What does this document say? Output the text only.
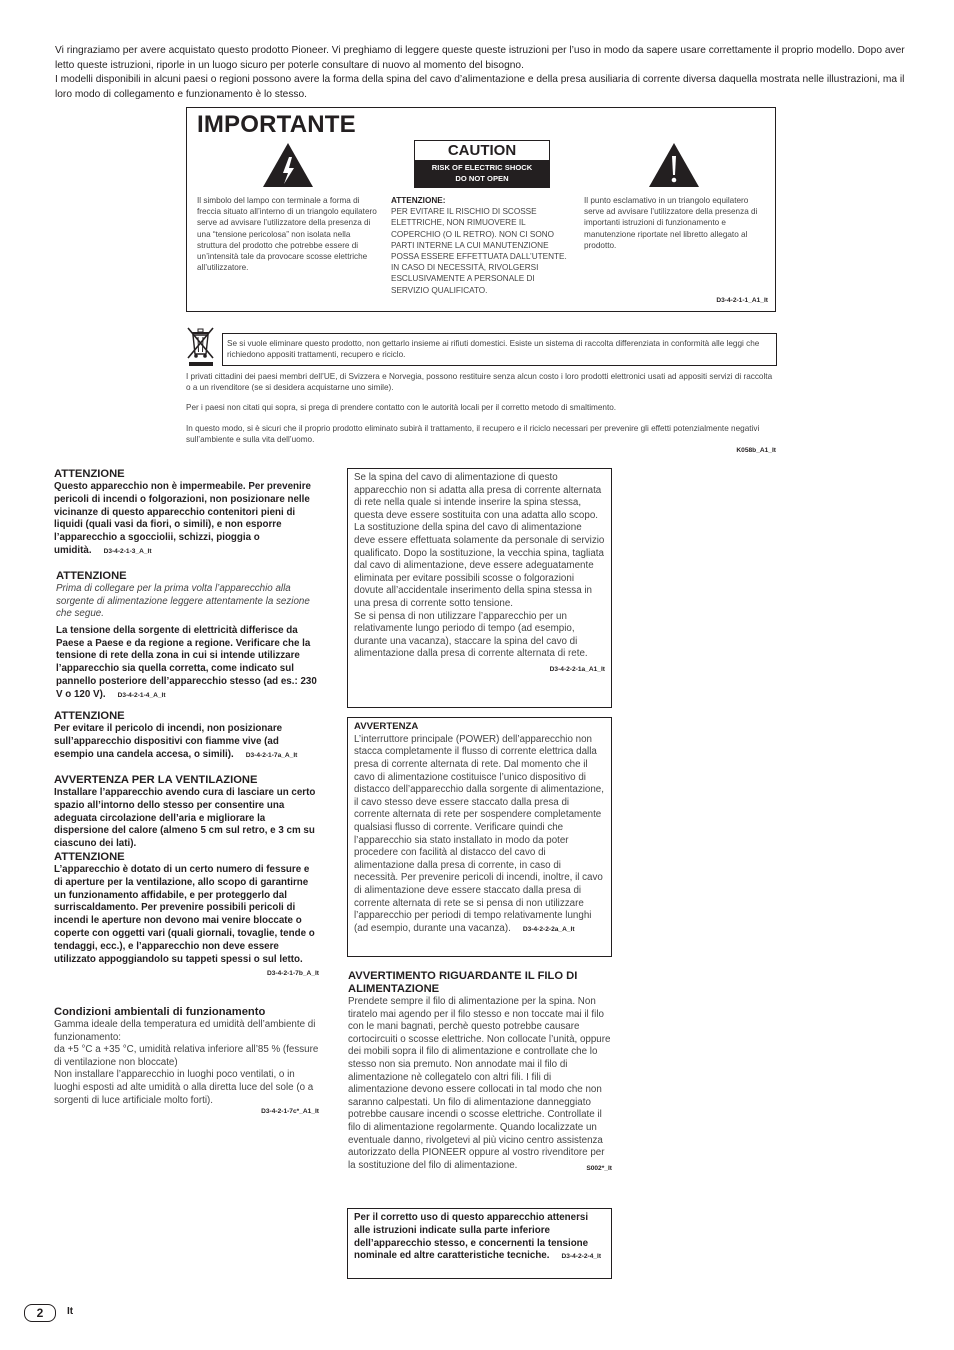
Vi ringraziamo per avere acquistato questo prodotto Pioneer. Vi preghiamo di leggere queste queste istruzioni per l’uso in modo da sapere usare correttamente il proprio modello. Dopo aver letto queste istruzioni, riporle in un luogo sicuro per poterle consultare di nuovo al momento del bisogno.

I modelli disponibili in alcuni paesi o regioni possono avere la forma della spina del cavo d’alimentazione e della presa ausiliaria di corrente diversa daquella mostrata nelle illustrazioni, ma il loro modo di collegamento e funzionamento è lo stesso.

IMPORTANTE
CAUTION
RISK OF ELECTRIC SHOCK
DO NOT OPEN
Il simbolo del lampo con terminale a forma di freccia situato all’interno di un triangolo equilatero serve ad avvisare l’utilizzatore della presenza di una “tensione pericolosa” non isolata nella struttura del prodotto che potrebbe essere di un’intensità tale da provocare scosse elettriche all’utilizzatore.
ATTENZIONE:
PER EVITARE IL RISCHIO DI SCOSSE ELETTRICHE, NON RIMUOVERE IL COPERCHIO (O IL RETRO). NON CI SONO PARTI INTERNE LA CUI MANUTENZIONE POSSA ESSERE EFFETTUATA DALL’UTENTE. IN CASO DI NECESSITÀ, RIVOLGERSI ESCLUSIVAMENTE A PERSONALE DI SERVIZIO QUALIFICATO.
Il punto esclamativo in un triangolo equilatero serve ad avvisare l’utilizzatore della presenza di importanti istruzioni di funzionamento e manutenzione riportate nel libretto allegato al prodotto.
D3-4-2-1-1_A1_It
Se si vuole eliminare questo prodotto, non gettarlo insieme ai rifiuti domestici. Esiste un sistema di raccolta differenziata in conformità alle leggi che richiedono appositi trattamenti, recupero e riciclo.
I privati cittadini dei paesi membri dell’UE, di Svizzera e Norvegia, possono restituire senza alcun costo i loro prodotti elettronici usati ad appositi servizi di raccolta o a un rivenditore (se si desidera acquistarne uno simile).
Per i paesi non citati qui sopra, si prega di prendere contatto con le autorità locali per il corretto metodo di smaltimento.
In questo modo, si è sicuri che il proprio prodotto eliminato subirà il trattamento, il recupero e il riciclo necessari per prevenire gli effetti potenzialmente negativi sull’ambiente e sulla vita dell’uomo.
K058b_A1_It

ATTENZIONE

Questo apparecchio non è impermeabile. Per prevenire pericoli di incendi o folgorazioni, non posizionare nelle vicinanze di questo apparecchio contenitori pieni di liquidi (quali vasi da fiori, o simili), e non esporre l’apparecchio a sgocciolii, schizzi, pioggia o umidità. D3-4-2-1-3_A_It

ATTENZIONE

Prima di collegare per la prima volta l’apparecchio alla sorgente di alimentazione leggere attentamente la sezione che segue.

La tensione della sorgente di elettricità differisce da Paese a Paese e da regione a regione. Verificare che la tensione di rete della zona in cui si intende utilizzare l’apparecchio sia quella corretta, come indicato sul pannello posteriore dell’apparecchio stesso (ad es.: 230 V o 120 V). D3-4-2-1-4_A_It

ATTENZIONE

Per evitare il pericolo di incendi, non posizionare sull’apparecchio dispositivi con fiamme vive (ad esempio una candela accesa, o simili). D3-4-2-1-7a_A_It

AVVERTENZA PER LA VENTILAZIONE

Installare l’apparecchio avendo cura di lasciare un certo spazio all’intorno dello stesso per consentire una adeguata circolazione dell’aria e migliorare la dispersione del calore (almeno 5 cm sul retro, e 3 cm su ciascuno dei lati).

ATTENZIONE

L’apparecchio è dotato di un certo numero di fessure e di aperture per la ventilazione, allo scopo di garantirne un funzionamento affidabile, e per proteggerlo dal surriscaldamento. Per prevenire possibili pericoli di incendi le aperture non devono mai venire bloccate o coperte con oggetti vari (quali giornali, tovaglie, tende o tendaggi, ecc.), e l’apparecchio non deve essere utilizzato appoggiandolo su tappeti spessi o sul letto.

D3-4-2-1-7b_A_It

Condizioni ambientali di funzionamento

Gamma ideale della temperatura ed umidità dell’ambiente di funzionamento:

da +5 °C a +35 °C, umidità relativa inferiore all’85 % (fessure di ventilazione non bloccate)

Non installare l’apparecchio in luoghi poco ventilati, o in luoghi esposti ad alte umidità o alla diretta luce del sole (o a sorgenti di luce artificiale molto forti).

D3-4-2-1-7c*_A1_It

Se la spina del cavo di alimentazione di questo apparecchio non si adatta alla presa di corrente alternata di rete nella quale si intende inserire la spina stessa, questa deve essere sostituita con una adatta allo scopo. La sostituzione della spina del cavo di alimentazione deve essere effettuata solamente da personale di servizio qualificato. Dopo la sostituzione, la vecchia spina, tagliata dal cavo di alimentazione, deve essere adeguatamente eliminata per evitare possibili scosse o folgorazioni dovute all’accidentale inserimento della spina stessa in una presa di corrente sotto tensione.

Se si pensa di non utilizzare l’apparecchio per un relativamente lungo periodo di tempo (ad esempio, durante una vacanza), staccare la spina del cavo di alimentazione dalla presa di corrente alternata di rete.

D3-4-2-2-1a_A1_It

AVVERTENZA

L’interruttore principale (POWER) dell’apparecchio non stacca completamente il flusso di corrente elettrica dalla presa di corrente alternata di rete. Dal momento che il cavo di alimentazione costituisce l’unico dispositivo di distacco dell’apparecchio dalla sorgente di alimentazione, il cavo stesso deve essere staccato dalla presa di corrente alternata di rete per sospendere completamente qualsiasi flusso di corrente. Verificare quindi che l’apparecchio sia stato installato in modo da poter procedere con facilità al distacco del cavo di alimentazione dalla presa di corrente, in caso di necessità. Per prevenire pericoli di incendi, inoltre, il cavo di alimentazione deve essere staccato dalla presa di corrente alternata di rete se si pensa di non utilizzare l’apparecchio per periodi di tempo relativamente lunghi (ad esempio, durante una vacanza). D3-4-2-2-2a_A_It

AVVERTIMENTO RIGUARDANTE IL FILO DI ALIMENTAZIONE

Prendete sempre il filo di alimentazione per la spina. Non tiratelo mai agendo per il filo stesso e non toccate mai il filo con le mani bagnati, perchè questo potrebbe causare cortocircuiti o scosse elettriche. Non collocate l’unità, oppure dei mobili sopra il filo di alimentazione e controllate che lo stesso non sia premuto. Non annodate mai il filo di alimentazione nè collegatelo con altri fili. I fili di alimentazione devono essere collocati in tal modo che non saranno calpestati. Un filo di alimentazione danneggiato potrebbe causare incendi o scosse elettriche. Controllate il filo di alimentazione regolarmente. Quando localizzate un eventuale danno, rivolgetevi al più vicino centro assistenza autorizzato della PIONEER oppure al vostro rivenditore per la sostituzione del filo di alimentazione.	S002*_It

Per il corretto uso di questo apparecchio attenersi alle istruzioni indicate sulla parte inferiore dell’apparecchio stesso, e concernenti la tensione nominale ed altre caratteristiche tecniche. D3-4-2-2-4_It

2	It
